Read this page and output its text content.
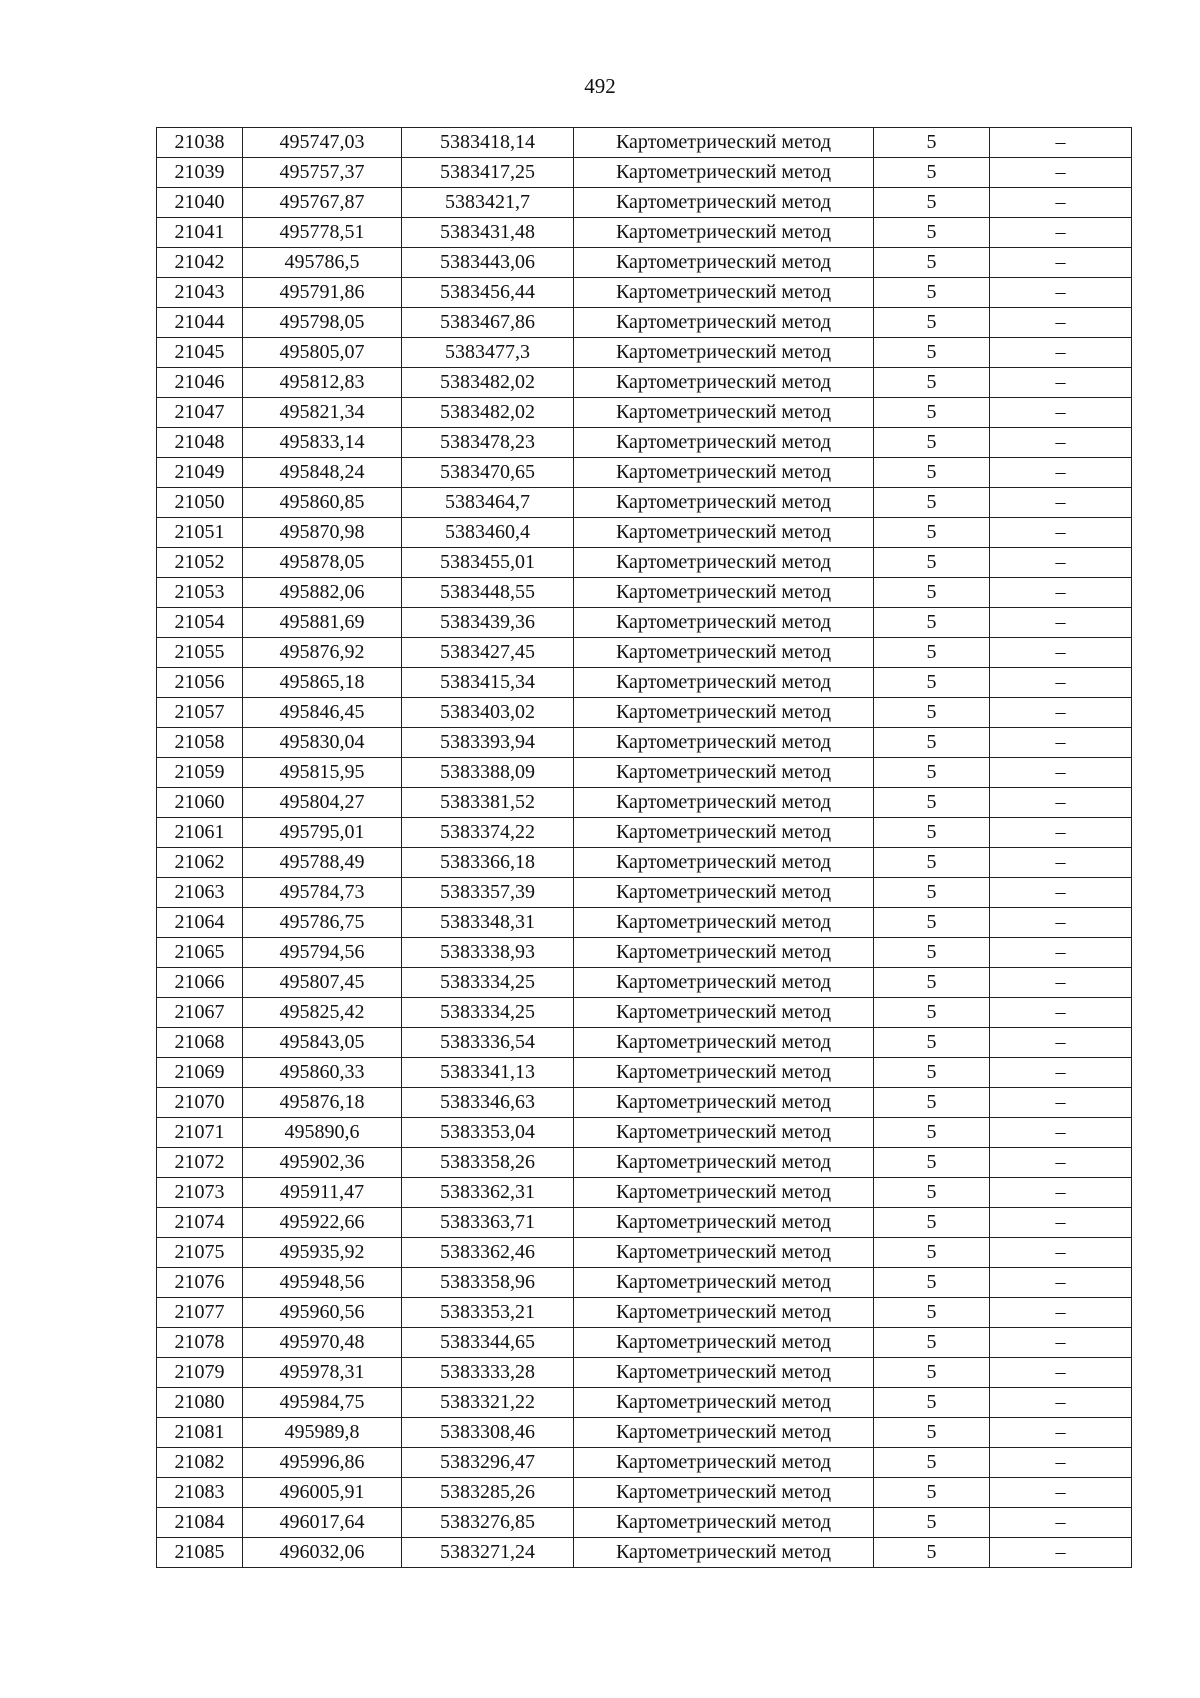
492
21038	495747,03	5383418,14	Картометрический метод	5	–
21039	495757,37	5383417,25	Картометрический метод	5	–
21040	495767,87	5383421,7	Картометрический метод	5	–
21041	495778,51	5383431,48	Картометрический метод	5	–
21042	495786,5	5383443,06	Картометрический метод	5	–
21043	495791,86	5383456,44	Картометрический метод	5	–
21044	495798,05	5383467,86	Картометрический метод	5	–
21045	495805,07	5383477,3	Картометрический метод	5	–
21046	495812,83	5383482,02	Картометрический метод	5	–
21047	495821,34	5383482,02	Картометрический метод	5	–
21048	495833,14	5383478,23	Картометрический метод	5	–
21049	495848,24	5383470,65	Картометрический метод	5	–
21050	495860,85	5383464,7	Картометрический метод	5	–
21051	495870,98	5383460,4	Картометрический метод	5	–
21052	495878,05	5383455,01	Картометрический метод	5	–
21053	495882,06	5383448,55	Картометрический метод	5	–
21054	495881,69	5383439,36	Картометрический метод	5	–
21055	495876,92	5383427,45	Картометрический метод	5	–
21056	495865,18	5383415,34	Картометрический метод	5	–
21057	495846,45	5383403,02	Картометрический метод	5	–
21058	495830,04	5383393,94	Картометрический метод	5	–
21059	495815,95	5383388,09	Картометрический метод	5	–
21060	495804,27	5383381,52	Картометрический метод	5	–
21061	495795,01	5383374,22	Картометрический метод	5	–
21062	495788,49	5383366,18	Картометрический метод	5	–
21063	495784,73	5383357,39	Картометрический метод	5	–
21064	495786,75	5383348,31	Картометрический метод	5	–
21065	495794,56	5383338,93	Картометрический метод	5	–
21066	495807,45	5383334,25	Картометрический метод	5	–
21067	495825,42	5383334,25	Картометрический метод	5	–
21068	495843,05	5383336,54	Картометрический метод	5	–
21069	495860,33	5383341,13	Картометрический метод	5	–
21070	495876,18	5383346,63	Картометрический метод	5	–
21071	495890,6	5383353,04	Картометрический метод	5	–
21072	495902,36	5383358,26	Картометрический метод	5	–
21073	495911,47	5383362,31	Картометрический метод	5	–
21074	495922,66	5383363,71	Картометрический метод	5	–
21075	495935,92	5383362,46	Картометрический метод	5	–
21076	495948,56	5383358,96	Картометрический метод	5	–
21077	495960,56	5383353,21	Картометрический метод	5	–
21078	495970,48	5383344,65	Картометрический метод	5	–
21079	495978,31	5383333,28	Картометрический метод	5	–
21080	495984,75	5383321,22	Картометрический метод	5	–
21081	495989,8	5383308,46	Картометрический метод	5	–
21082	495996,86	5383296,47	Картометрический метод	5	–
21083	496005,91	5383285,26	Картометрический метод	5	–
21084	496017,64	5383276,85	Картометрический метод	5	–
21085	496032,06	5383271,24	Картометрический метод	5	–
